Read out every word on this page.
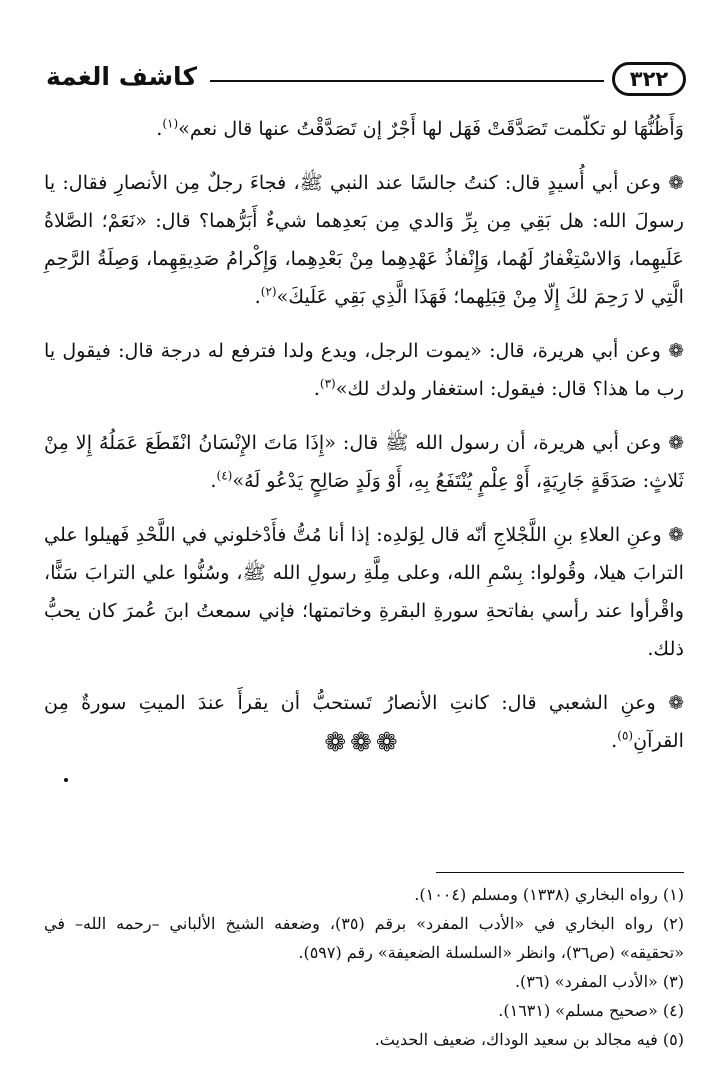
كاشف الغمة	٣٢٢

وَأَظُنُّهَا لو تكلّمت تَصَدَّقَتْ فَهَل لها أَجْرٌ إن تَصَدَّقْتُ عنها قال نعم»$^{(١)}$.

❁ وعن أبي أُسيدٍ قال: كنتُ جالسًا عند النبي ﷺ، فجاءَ رجلٌ مِن الأنصارِ فقال: يا رسولَ الله: هل بَقِي مِن بِرِّ وَالدي مِن بَعدِهما شيءٌ أَبَرُّهما؟ قال: «نَعَمْ؛ الصَّلاةُ عَلَيهِما، وَالاسْتِغْفارُ لَهُما، وَإِنْفاذُ عَهْدِهِما مِنْ بَعْدِهِما، وَإِكْرامُ صَدِيقِهِما، وَصِلَةُ الرَّحِمِ الَّتِي لا رَحِمَ لكَ إِلّا مِنْ قِبَلِهما؛ فَهَذَا الَّذِي بَقِي عَلَيكَ»$^{(٢)}$.

❁ وعن أبي هريرة، قال: «يموت الرجل، ويدع ولدا فترفع له درجة قال: فيقول يا رب ما هذا؟ قال: فيقول: استغفار ولدك لك»$^{(٣)}$.

❁ وعن أبي هريرة، أن رسول الله ﷺ قال: «إِذَا مَاتَ الإِنْسَانُ انْقَطَعَ عَمَلُهُ إِلا مِنْ ثَلاثٍ: صَدَقَةٍ جَارِيَةٍ، أَوْ عِلْمٍ يُنْتَفَعُ بِهِ، أَوْ وَلَدٍ صَالِحٍ يَدْعُو لَهُ»$^{(٤)}$.

❁ وعنِ العلاءِ بنِ اللَّجْلاجِ أنّه قال لِوَلدِه: إذا أنا مُتُّ فأَدْخلوني في اللَّحْدِ فَهيلوا علي الترابَ هيلا، وقُولوا: بِسْمِ الله، وعلى مِلَّةِ رسولِ الله ﷺ، وسُنُّوا علي الترابَ سَنًّا، واقْرأوا عند رأسي بفاتحةِ سورةِ البقرةِ وخاتمتها؛ فإني سمعتُ ابنَ عُمرَ كان يحبُّ ذلك.

❁ وعنِ الشعبي قال: كانتِ الأنصارُ تَستحبُّ أن يقرأَ عندَ الميتِ سورةٌ مِن القرآنِ$^{(٥)}$.

❁❁❁

(١) رواه البخاري (١٣٣٨) ومسلم (١٠٠٤).

(٢) رواه البخاري في «الأدب المفرد» برقم (٣٥)، وضعفه الشيخ الألباني –رحمه الله– في «تحقيقه» (ص٣٦)، وانظر «السلسلة الضعيفة» رقم (٥٩٧).

(٣) «الأدب المفرد» (٣٦).

(٤) «صحيح مسلم» (١٦٣١).

(٥) فيه مجالد بن سعيد الوداك، ضعيف الحديث.
